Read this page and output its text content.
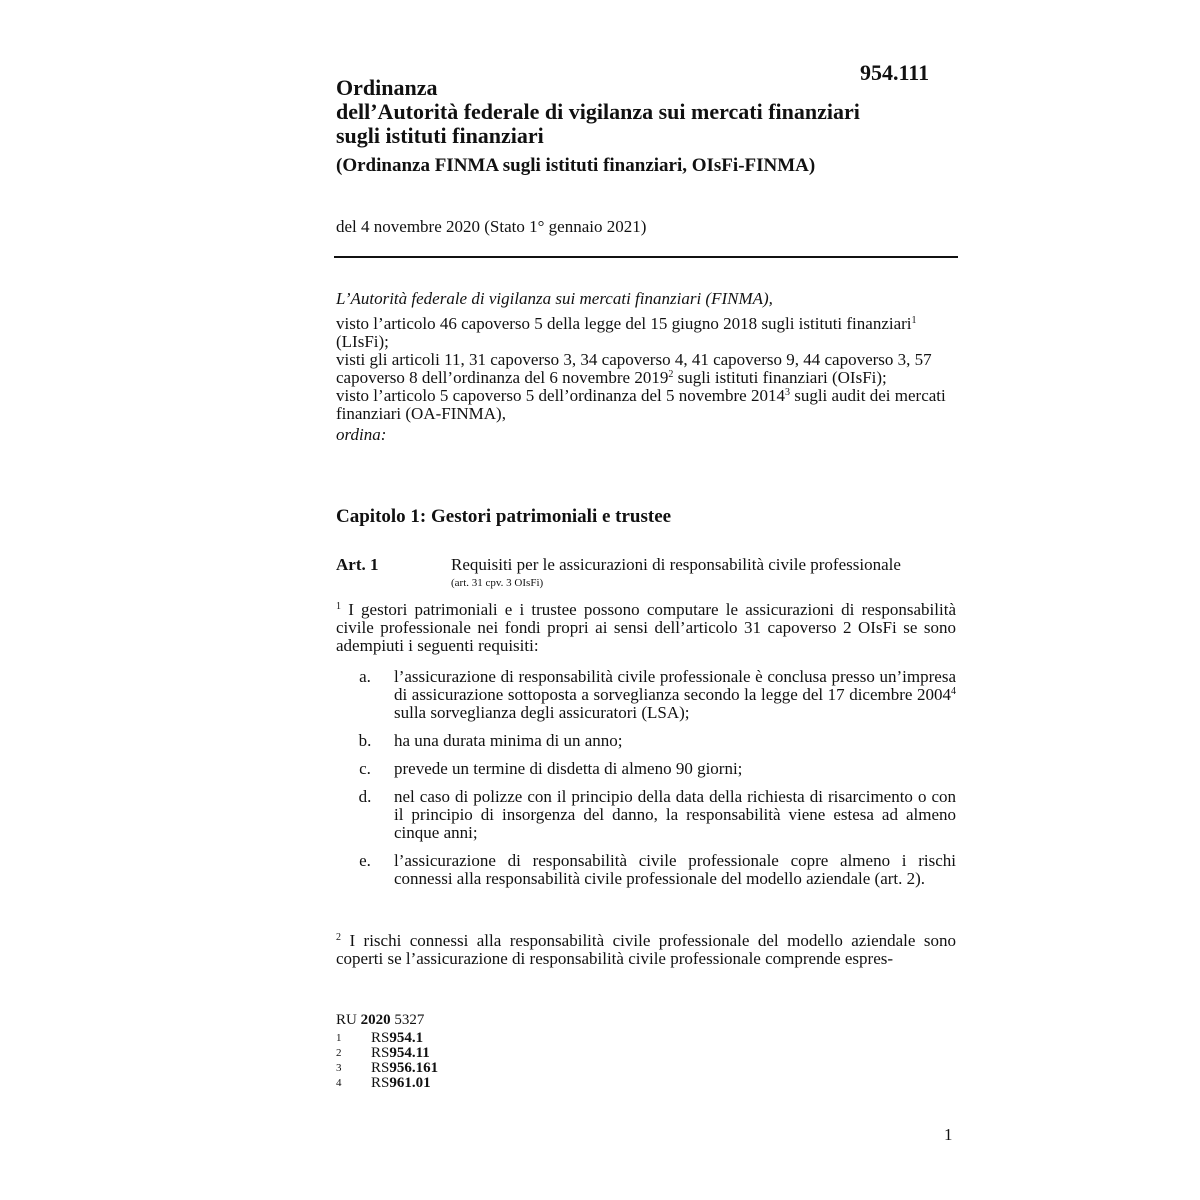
954.111
Ordinanza
dell’Autorità federale di vigilanza sui mercati finanziari
sugli istituti finanziari
(Ordinanza FINMA sugli istituti finanziari, OIsFi-FINMA)
del 4 novembre 2020 (Stato 1° gennaio 2021)

L’Autorità federale di vigilanza sui mercati finanziari (FINMA),

visto l’articolo 46 capoverso 5 della legge del 15 giugno 2018 sugli istituti finanziari$^1$ (LIsFi);

visti gli articoli 11, 31 capoverso 3, 34 capoverso 4, 41 capoverso 9, 44 capoverso 3, 57 capoverso 8 dell’ordinanza del 6 novembre 2019$^2$ sugli istituti finanziari (OIsFi);

visto l’articolo 5 capoverso 5 dell’ordinanza del 5 novembre 2014$^3$ sugli audit dei mercati finanziari (OA-FINMA),

ordina:

Capitolo 1: Gestori patrimoniali e trustee
Art. 1	Requisiti per le assicurazioni di responsabilità civile professionale
(art. 31 cpv. 3 OIsFi)

$^1$ I gestori patrimoniali e i trustee possono computare le assicurazioni di responsabilità civile professionale nei fondi propri ai sensi dell’articolo 31 capoverso 2 OIsFi se sono adempiuti i seguenti requisiti:

a.	l’assicurazione di responsabilità civile professionale è conclusa presso un’impresa di assicurazione sottoposta a sorveglianza secondo la legge del 17 dicembre 2004$^4$ sulla sorveglianza degli assicuratori (LSA);
b.	ha una durata minima di un anno;
c.	prevede un termine di disdetta di almeno 90 giorni;
d.	nel caso di polizze con il principio della data della richiesta di risarcimento o con il principio di insorgenza del danno, la responsabilità viene estesa ad almeno cinque anni;
e.	l’assicurazione di responsabilità civile professionale copre almeno i rischi connessi alla responsabilità civile professionale del modello aziendale (art. 2).

$^2$ I rischi connessi alla responsabilità civile professionale del modello aziendale sono coperti se l’assicurazione di responsabilità civile professionale comprende espres-

RU 2020 5327
1	RS 954.1
2	RS 954.11
3	RS 956.161
4	RS 961.01
1
